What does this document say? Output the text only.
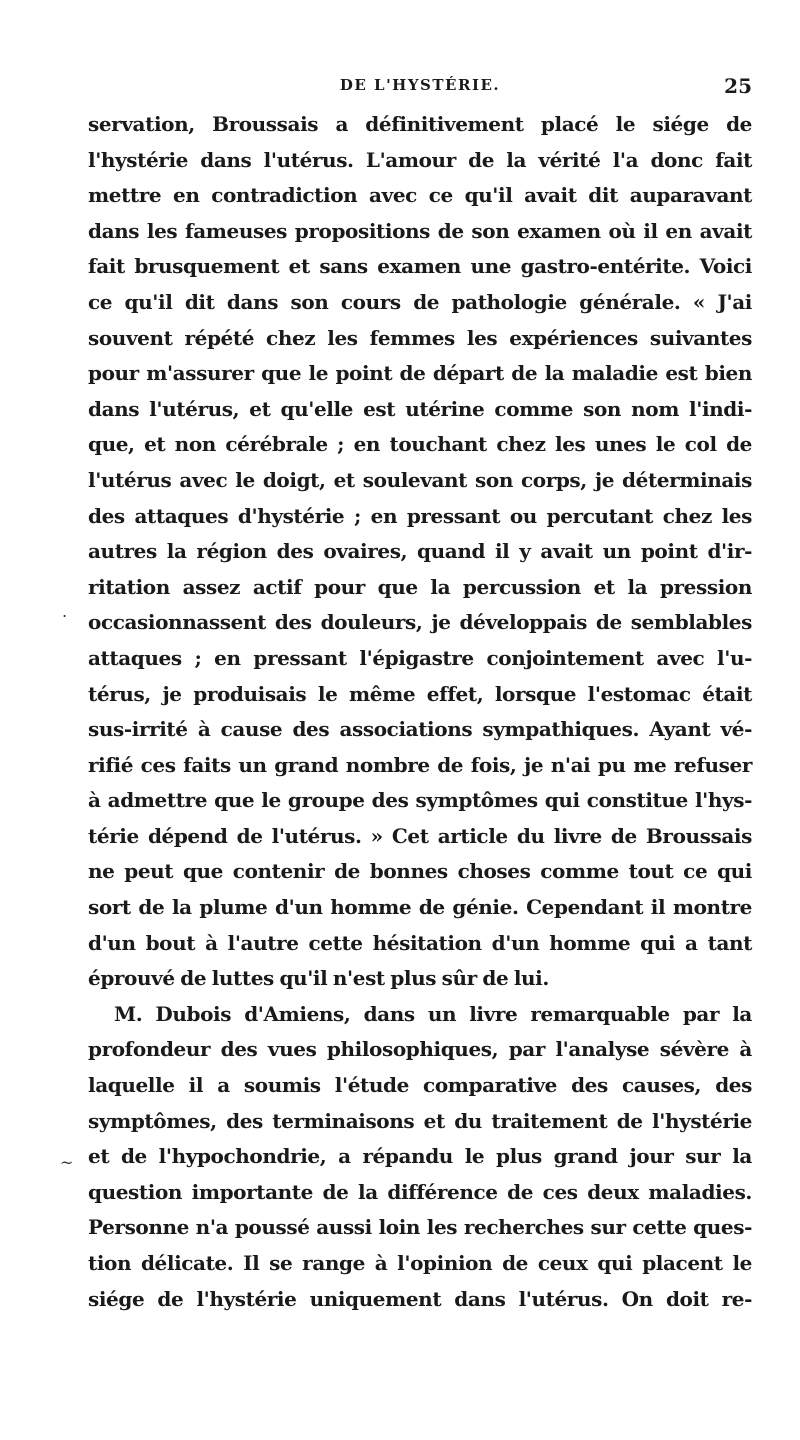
DE L'HYSTÉRIE.	25
.
~
servation, Broussais a définitivement placé le siége de
l'hystérie dans l'utérus. L'amour de la vérité l'a donc fait
mettre en contradiction avec ce qu'il avait dit auparavant
dans les fameuses propositions de son examen où il en avait
fait brusquement et sans examen une gastro-entérite. Voici
ce qu'il dit dans son cours de pathologie générale. « J'ai
souvent répété chez les femmes les expériences suivantes
pour m'assurer que le point de départ de la maladie est bien
dans l'utérus, et qu'elle est utérine comme son nom l'indi-
que, et non cérébrale ; en touchant chez les unes le col de
l'utérus avec le doigt, et soulevant son corps, je déterminais
des attaques d'hystérie ; en pressant ou percutant chez les
autres la région des ovaires, quand il y avait un point d'ir-
ritation assez actif pour que la percussion et la pression
occasionnassent des douleurs, je développais de semblables
attaques ; en pressant l'épigastre conjointement avec l'u-
térus, je produisais le même effet, lorsque l'estomac était
sus-irrité à cause des associations sympathiques. Ayant vé-
rifié ces faits un grand nombre de fois, je n'ai pu me refuser
à admettre que le groupe des symptômes qui constitue l'hys-
térie dépend de l'utérus. » Cet article du livre de Broussais
ne peut que contenir de bonnes choses comme tout ce qui
sort de la plume d'un homme de génie. Cependant il montre
d'un bout à l'autre cette hésitation d'un homme qui a tant
éprouvé de luttes qu'il n'est plus sûr de lui.
M. Dubois d'Amiens, dans un livre remarquable par la
profondeur des vues philosophiques, par l'analyse sévère à
laquelle il a soumis l'étude comparative des causes, des
symptômes, des terminaisons et du traitement de l'hystérie
et de l'hypochondrie, a répandu le plus grand jour sur la
question importante de la différence de ces deux maladies.
Personne n'a poussé aussi loin les recherches sur cette ques-
tion délicate. Il se range à l'opinion de ceux qui placent le
siége de l'hystérie uniquement dans l'utérus. On doit re-
